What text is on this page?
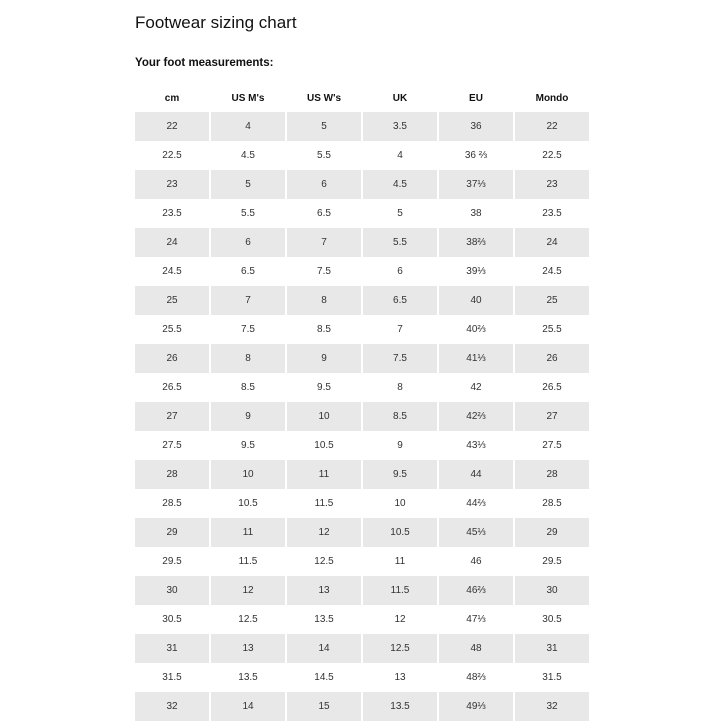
Footwear sizing chart
Your foot measurements:
cm	US M's	US W's	UK	EU	Mondo
22	4	5	3.5	36	22
22.5	4.5	5.5	4	36 ⅔	22.5
23	5	6	4.5	37⅓	23
23.5	5.5	6.5	5	38	23.5
24	6	7	5.5	38⅔	24
24.5	6.5	7.5	6	39⅓	24.5
25	7	8	6.5	40	25
25.5	7.5	8.5	7	40⅔	25.5
26	8	9	7.5	41⅓	26
26.5	8.5	9.5	8	42	26.5
27	9	10	8.5	42⅔	27
27.5	9.5	10.5	9	43⅓	27.5
28	10	11	9.5	44	28
28.5	10.5	11.5	10	44⅔	28.5
29	11	12	10.5	45⅓	29
29.5	11.5	12.5	11	46	29.5
30	12	13	11.5	46⅔	30
30.5	12.5	13.5	12	47⅓	30.5
31	13	14	12.5	48	31
31.5	13.5	14.5	13	48⅔	31.5
32	14	15	13.5	49⅓	32
